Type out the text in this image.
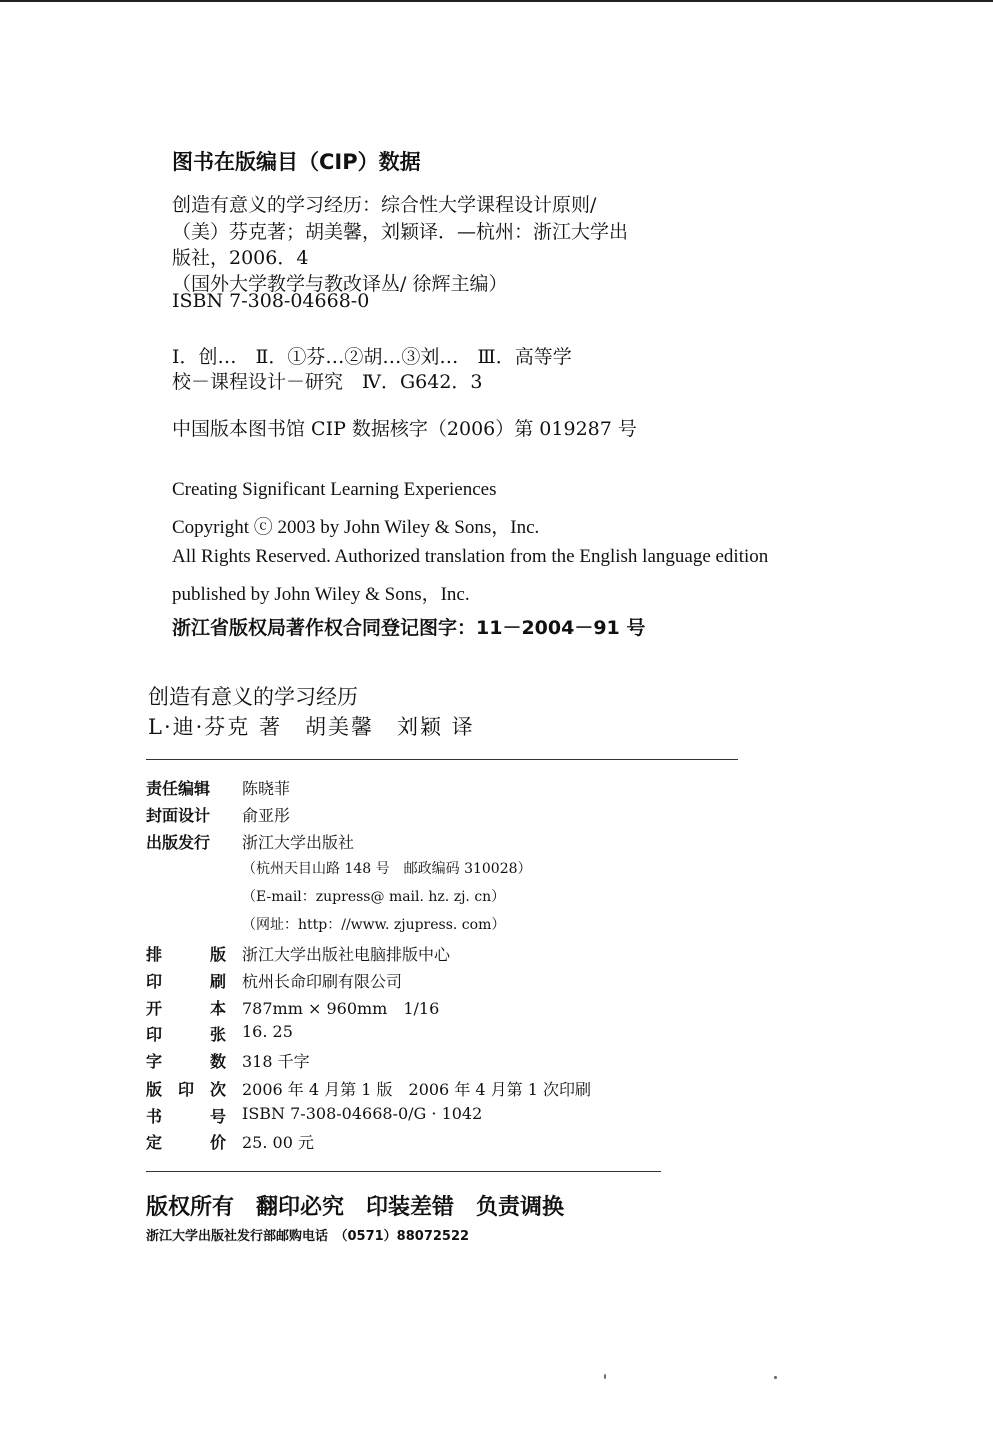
图书在版编目（CIP）数据
创造有意义的学习经历：综合性大学课程设计原则/
（美）芬克著；胡美馨，刘颖译．—杭州：浙江大学出
版社，2006．4
（国外大学教学与教改译丛/ 徐辉主编）
ISBN 7-308-04668-0
Ⅰ．创…　Ⅱ．①芬…②胡…③刘…　Ⅲ．高等学
校－课程设计－研究　Ⅳ．G642．3
中国版本图书馆 CIP 数据核字（2006）第 019287 号
Creating Significant Learning Experiences
Copyright ⓒ 2003 by John Wiley & Sons，Inc.
All Rights Reserved. Authorized translation from the English language edition
published by John Wiley & Sons，Inc.
浙江省版权局著作权合同登记图字：11－2004－91 号
创造有意义的学习经历
L·迪·芬克 著　胡美馨　刘颖 译
责任编辑	陈晓菲
封面设计	俞亚彤
出版发行	浙江大学出版社
（杭州天目山路 148 号　邮政编码 310028）
（E-mail：zupress@ mail. hz. zj. cn）
（网址：http：//www. zjupress. com）
排	版 浙江大学出版社电脑排版中心
印	刷 杭州长命印刷有限公司
开	本 787mm × 960mm　1/16
印	张 16. 25
字	数 318 千字
版 印 次 2006 年 4 月第 1 版　2006 年 4 月第 1 次印刷
书	号 ISBN 7-308-04668-0/G · 1042
定	价 25. 00 元
版权所有　翻印必究　印装差错　负责调换
浙江大学出版社发行部邮购电话　（0571）88072522
